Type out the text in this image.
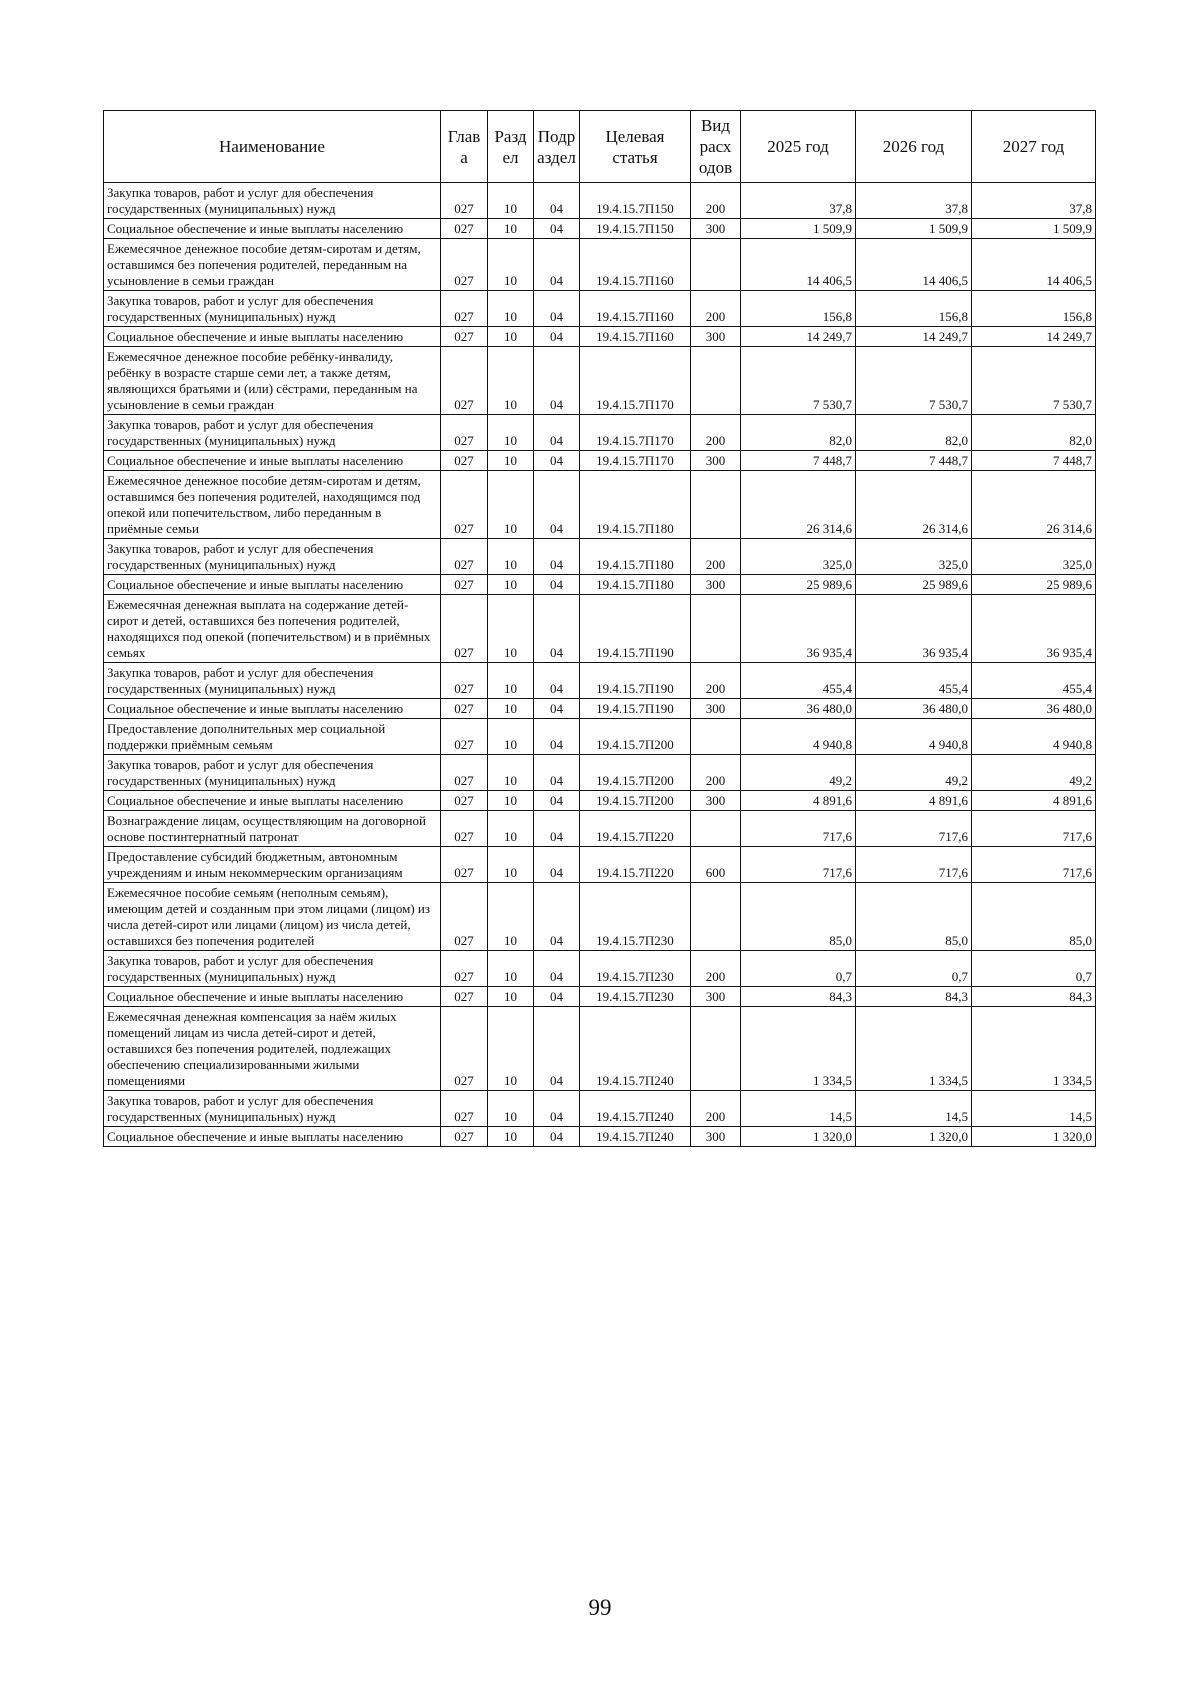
Наименование	Глав а	Разд ел	Подр аздел	Целевая статья	Вид расх одов	2025 год	2026 год	2027 год
Закупка товаров, работ и услуг для обеспечения государственных (муниципальных) нужд	027	10	04	19.4.15.7П150	200	37,8	37,8	37,8
Социальное обеспечение и иные выплаты населению	027	10	04	19.4.15.7П150	300	1 509,9	1 509,9	1 509,9
Ежемесячное денежное пособие детям-сиротам и детям, оставшимся без попечения родителей, переданным на усыновление в семьи граждан	027	10	04	19.4.15.7П160		14 406,5	14 406,5	14 406,5
Закупка товаров, работ и услуг для обеспечения государственных (муниципальных) нужд	027	10	04	19.4.15.7П160	200	156,8	156,8	156,8
Социальное обеспечение и иные выплаты населению	027	10	04	19.4.15.7П160	300	14 249,7	14 249,7	14 249,7
Ежемесячное денежное пособие ребёнку-инвалиду, ребёнку в возрасте старше семи лет, а также детям, являющихся братьями и (или) сёстрами, переданным на усыновление в семьи граждан	027	10	04	19.4.15.7П170		7 530,7	7 530,7	7 530,7
Закупка товаров, работ и услуг для обеспечения государственных (муниципальных) нужд	027	10	04	19.4.15.7П170	200	82,0	82,0	82,0
Социальное обеспечение и иные выплаты населению	027	10	04	19.4.15.7П170	300	7 448,7	7 448,7	7 448,7
Ежемесячное денежное пособие детям-сиротам и детям, оставшимся без попечения родителей, находящимся под опекой или попечительством, либо переданным в приёмные семьи	027	10	04	19.4.15.7П180		26 314,6	26 314,6	26 314,6
Закупка товаров, работ и услуг для обеспечения государственных (муниципальных) нужд	027	10	04	19.4.15.7П180	200	325,0	325,0	325,0
Социальное обеспечение и иные выплаты населению	027	10	04	19.4.15.7П180	300	25 989,6	25 989,6	25 989,6
Ежемесячная денежная выплата на содержание детей-сирот и детей, оставшихся без попечения родителей, находящихся под опекой (попечительством) и в приёмных семьях	027	10	04	19.4.15.7П190		36 935,4	36 935,4	36 935,4
Закупка товаров, работ и услуг для обеспечения государственных (муниципальных) нужд	027	10	04	19.4.15.7П190	200	455,4	455,4	455,4
Социальное обеспечение и иные выплаты населению	027	10	04	19.4.15.7П190	300	36 480,0	36 480,0	36 480,0
Предоставление дополнительных мер социальной поддержки приёмным семьям	027	10	04	19.4.15.7П200		4 940,8	4 940,8	4 940,8
Закупка товаров, работ и услуг для обеспечения государственных (муниципальных) нужд	027	10	04	19.4.15.7П200	200	49,2	49,2	49,2
Социальное обеспечение и иные выплаты населению	027	10	04	19.4.15.7П200	300	4 891,6	4 891,6	4 891,6
Вознаграждение лицам, осуществляющим на договорной основе постинтернатный патронат	027	10	04	19.4.15.7П220		717,6	717,6	717,6
Предоставление субсидий бюджетным, автономным учреждениям и иным некоммерческим организациям	027	10	04	19.4.15.7П220	600	717,6	717,6	717,6
Ежемесячное пособие семьям (неполным семьям), имеющим детей и созданным при этом лицами (лицом) из числа детей-сирот или лицами (лицом) из числа детей, оставшихся без попечения родителей	027	10	04	19.4.15.7П230		85,0	85,0	85,0
Закупка товаров, работ и услуг для обеспечения государственных (муниципальных) нужд	027	10	04	19.4.15.7П230	200	0,7	0,7	0,7
Социальное обеспечение и иные выплаты населению	027	10	04	19.4.15.7П230	300	84,3	84,3	84,3
Ежемесячная денежная компенсация за наём жилых помещений лицам из числа детей-сирот и детей, оставшихся без попечения родителей, подлежащих обеспечению специализированными жилыми помещениями	027	10	04	19.4.15.7П240		1 334,5	1 334,5	1 334,5
Закупка товаров, работ и услуг для обеспечения государственных (муниципальных) нужд	027	10	04	19.4.15.7П240	200	14,5	14,5	14,5
Социальное обеспечение и иные выплаты населению	027	10	04	19.4.15.7П240	300	1 320,0	1 320,0	1 320,0
99
